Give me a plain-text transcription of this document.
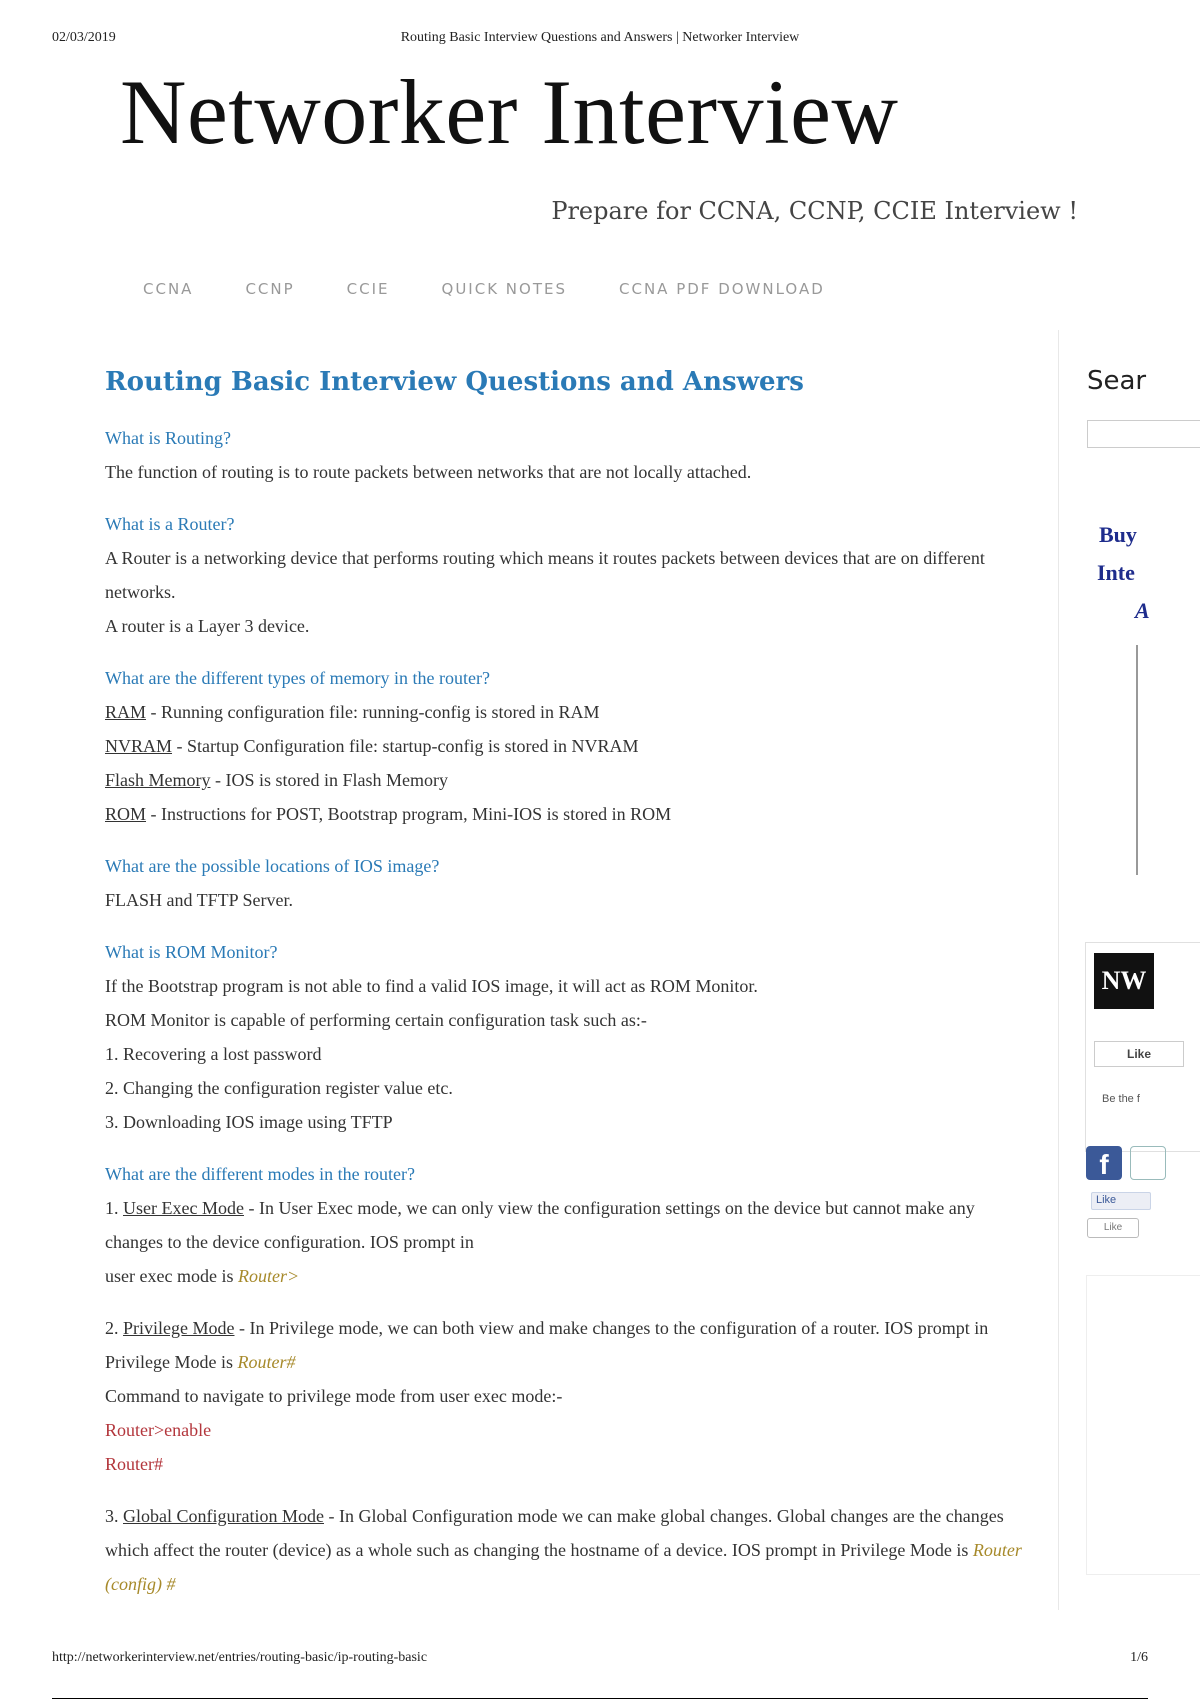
02/03/2019	Routing Basic Interview Questions and Answers | Networker Interview
Networker Interview
Prepare for CCNA, CCNP, CCIE Interview !
CCNA	CCNP	CCIE	QUICK NOTES	CCNA PDF DOWNLOAD
Routing Basic Interview Questions and Answers
What is Routing?
The function of routing is to route packets between networks that are not locally attached.
What is a Router?
A Router is a networking device that performs routing which means it routes packets between devices that are on different networks.
A router is a Layer 3 device.
What are the different types of memory in the router?
RAM - Running configuration file: running-config is stored in RAM
NVRAM - Startup Configuration file: startup-config is stored in NVRAM
Flash Memory - IOS is stored in Flash Memory
ROM - Instructions for POST, Bootstrap program, Mini-IOS is stored in ROM
What are the possible locations of IOS image?
FLASH and TFTP Server.
What is ROM Monitor?
If the Bootstrap program is not able to find a valid IOS image, it will act as ROM Monitor.
ROM Monitor is capable of performing certain configuration task such as:-
1. Recovering a lost password
2. Changing the configuration register value etc.
3. Downloading IOS image using TFTP
What are the different modes in the router?
1. User Exec Mode - In User Exec mode, we can only view the configuration settings on the device but cannot make any changes to the device configuration. IOS prompt in
user exec mode is Router>
2. Privilege Mode - In Privilege mode, we can both view and make changes to the configuration of a router. IOS prompt in Privilege Mode is Router#
Command to navigate to privilege mode from user exec mode:-
Router>enable
Router#
3. Global Configuration Mode - In Global Configuration mode we can make global changes. Global changes are the changes which affect the router (device) as a whole such as changing the hostname of a device. IOS prompt in Privilege Mode is Router (config) #
Sear
Buy
Inte
A
NW
Like
Be the f
f
Like
Like
http://networkerinterview.net/entries/routing-basic/ip-routing-basic	1/6
